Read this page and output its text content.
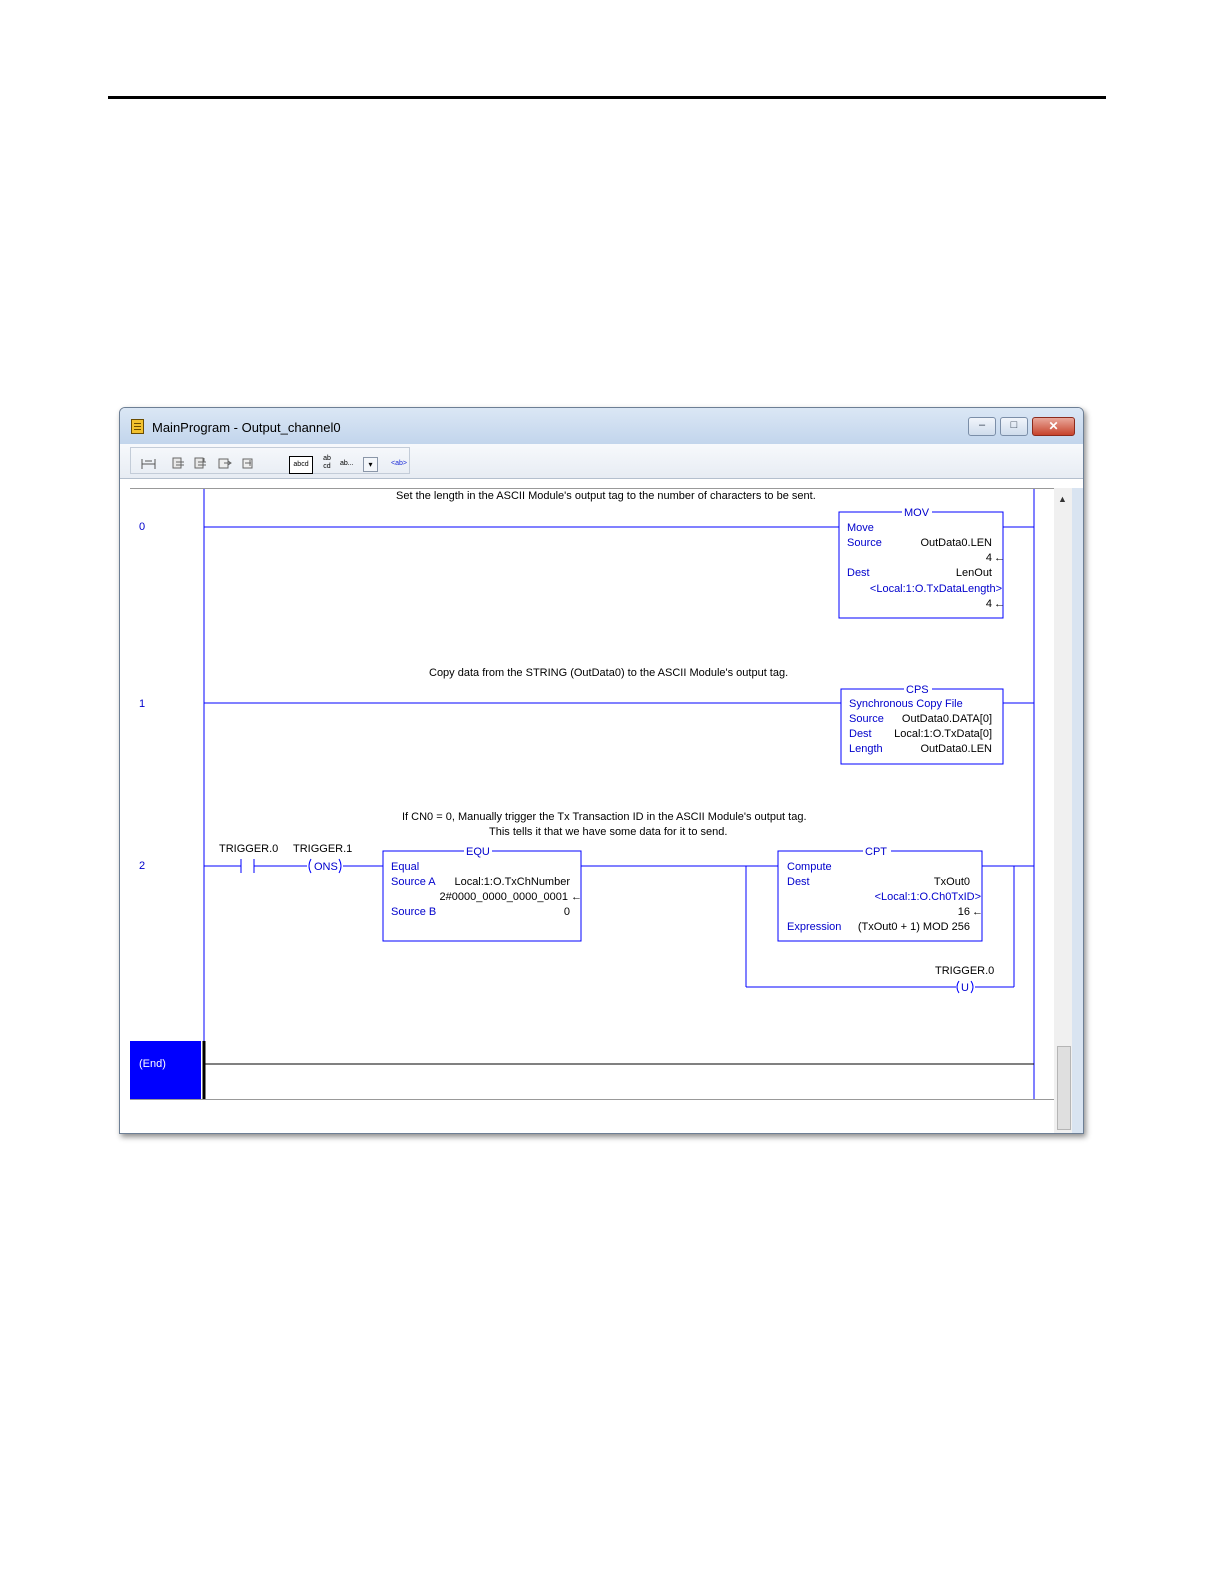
MainProgram - Output_channel0	–	□	✕
abcd
ab cd	ab...	▾	<ab>
0
Set the length in the ASCII Module's output tag to the number of characters to be sent.
MOV
Move
Source	OutData0.LEN
4 ←
Dest	LenOut
<Local:1:O.TxDataLength>
4 ←
1
Copy data from the STRING (OutData0) to the ASCII Module's output tag.
CPS
Synchronous Copy File
Source OutData0.DATA[0]
Dest Local:1:O.TxData[0]
Length	OutData0.LEN
2
If CN0 = 0, Manually trigger the Tx Transaction ID in the ASCII Module's output tag.
This tells it that we have some data for it to send.
TRIGGER.0 TRIGGER.1
ONS
EQU
Equal
Source A Local:1:O.TxChNumber
2#0000_0000_0000_0001 ←
Source B	0
CPT
Compute
Dest	TxOut0
<Local:1:O.Ch0TxID>
16 ←
Expression (TxOut0 + 1) MOD 256
TRIGGER.0
U
(End)
▲
